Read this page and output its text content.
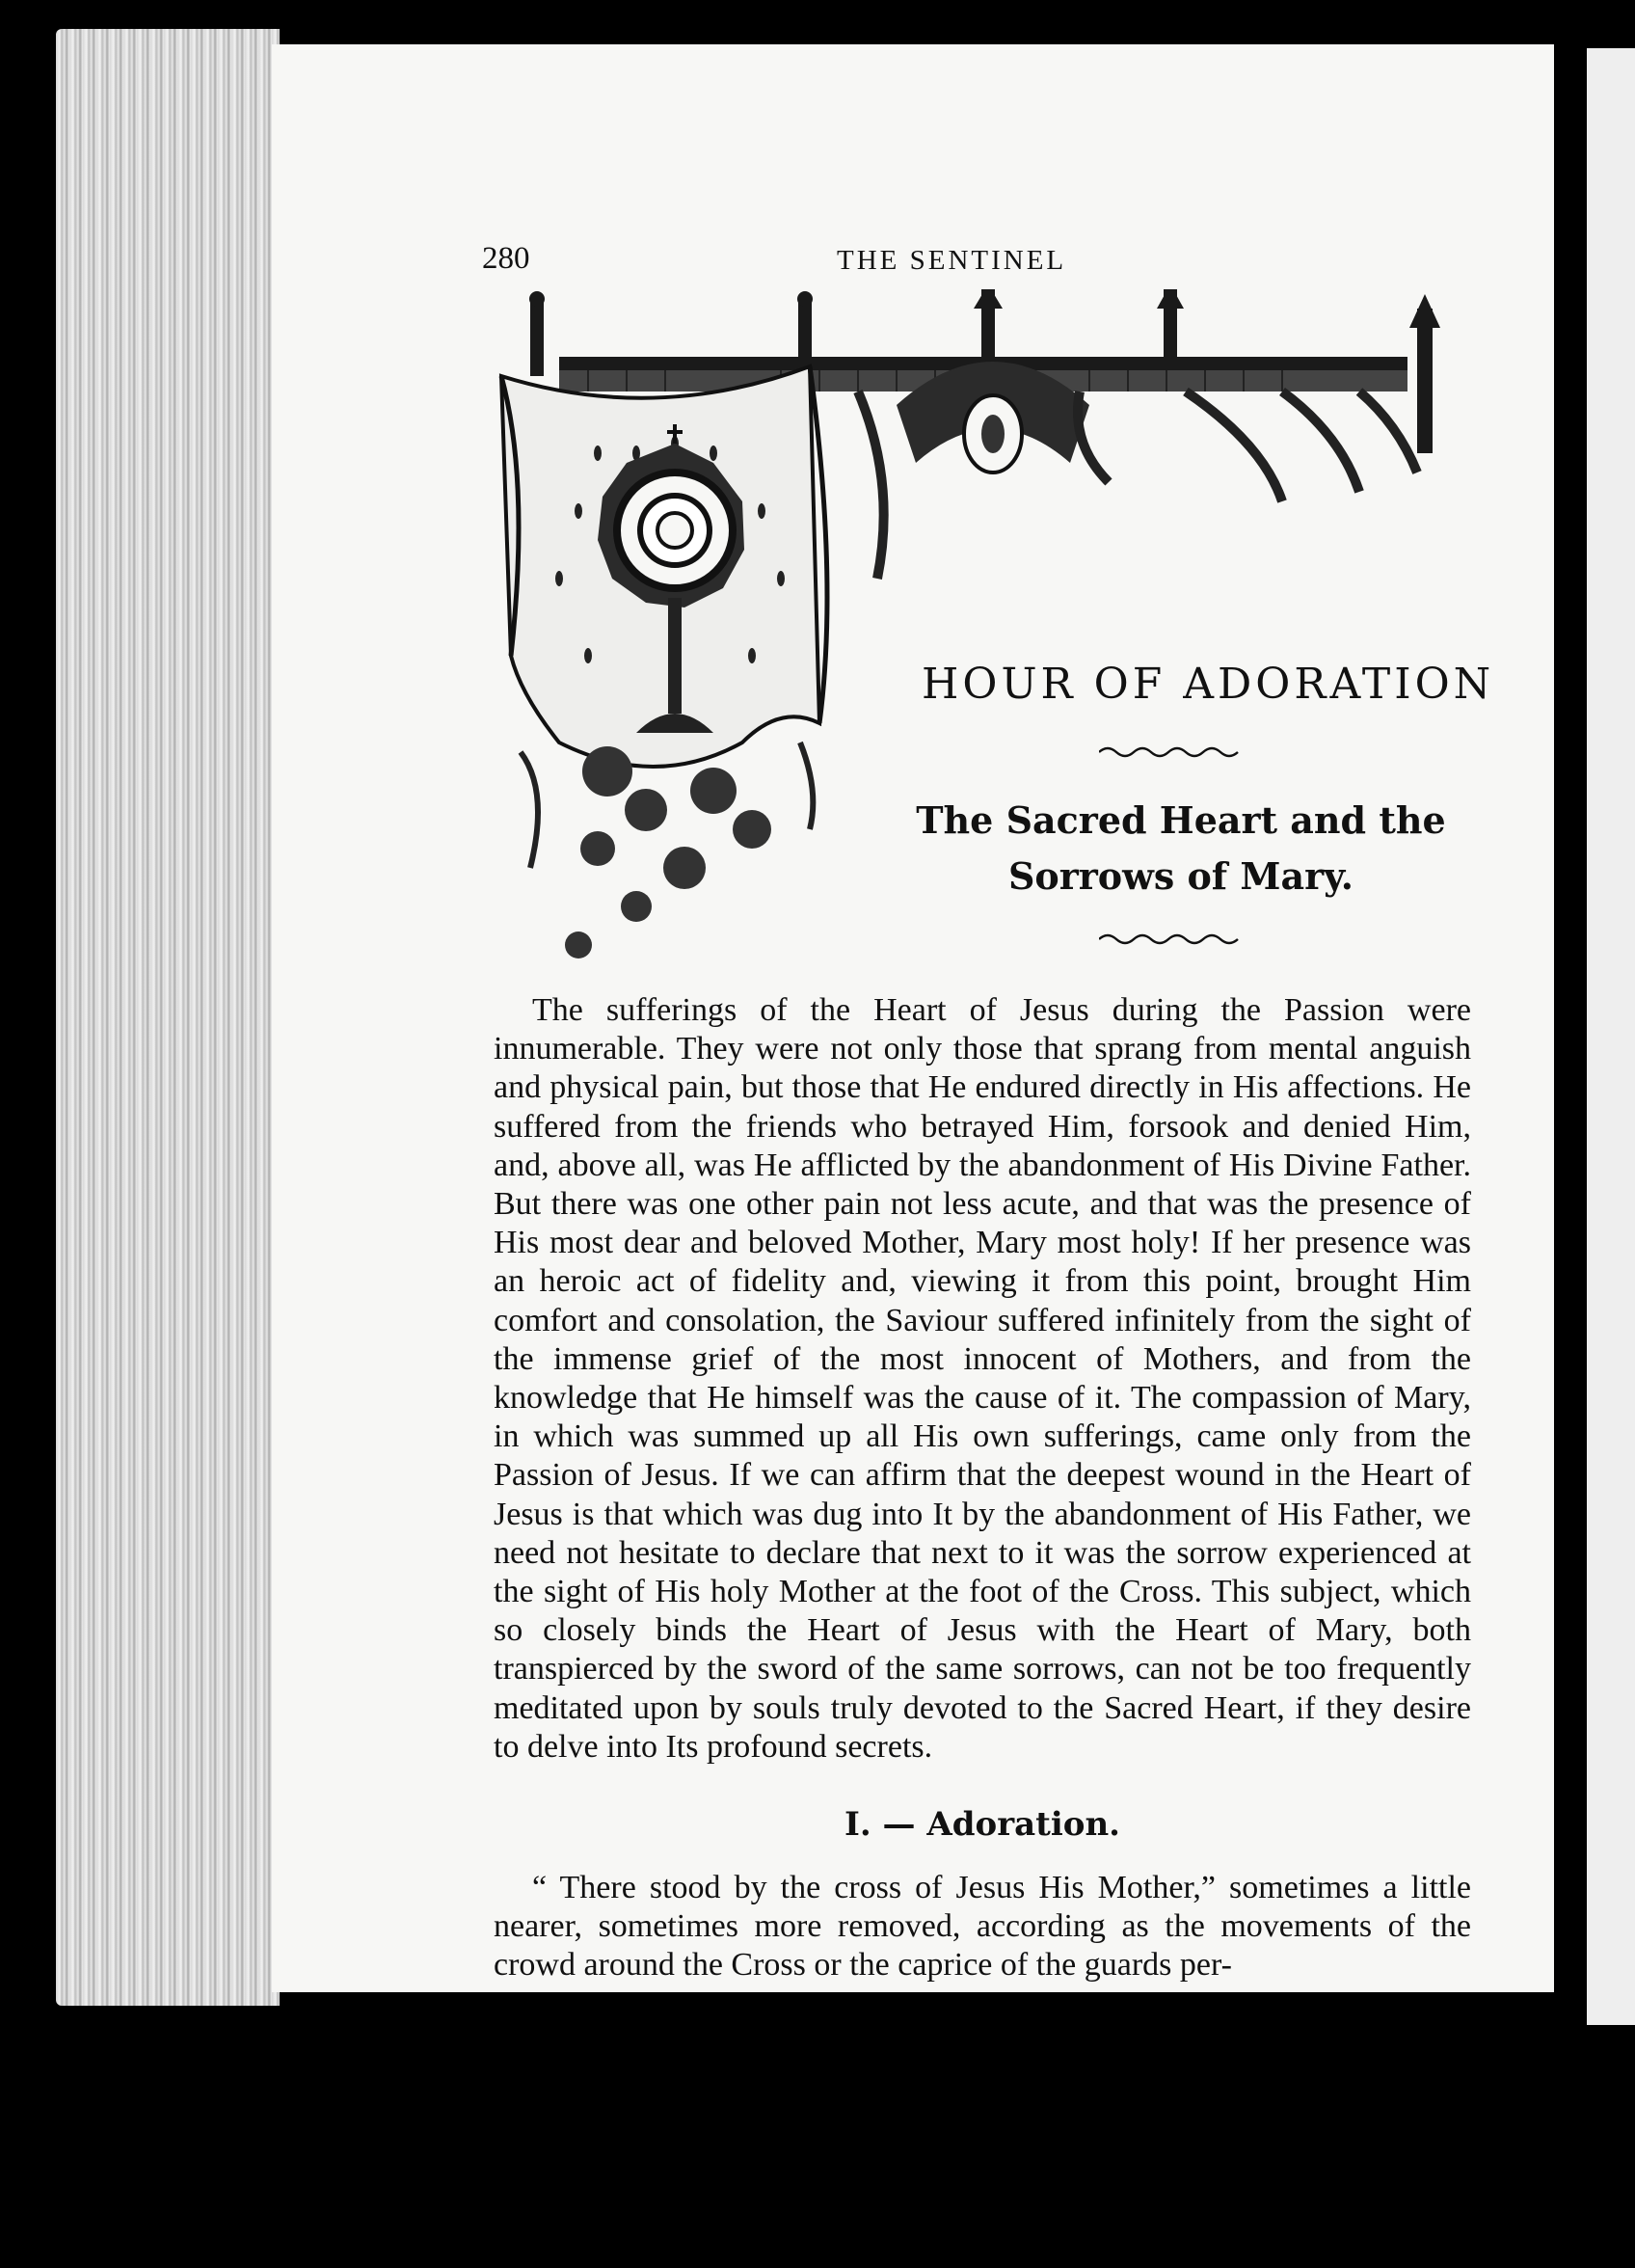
280	THE SENTINEL
HOUR OF ADORATION
The Sacred Heart and the Sorrows of Mary.

The sufferings of the Heart of Jesus during the Passion were innumerable. They were not only those that sprang from mental anguish and physical pain, but those that He endured directly in His affections. He suffered from the friends who betrayed Him, forsook and denied Him, and, above all, was He afflicted by the abandonment of His Divine Father. But there was one other pain not less acute, and that was the presence of His most dear and beloved Mother, Mary most holy! If her presence was an heroic act of fidelity and, viewing it from this point, brought Him comfort and consolation, the Saviour suffered infinitely from the sight of the immense grief of the most innocent of Mothers, and from the knowledge that He himself was the cause of it. The compassion of Mary, in which was summed up all His own sufferings, came only from the Passion of Jesus. If we can affirm that the deepest wound in the Heart of Jesus is that which was dug into It by the abandonment of His Father, we need not hesitate to declare that next to it was the sorrow experienced at the sight of His holy Mother at the foot of the Cross. This subject, which so closely binds the Heart of Jesus with the Heart of Mary, both transpierced by the sword of the same sorrows, can not be too frequently meditated upon by souls truly devoted to the Sacred Heart, if they desire to delve into Its profound secrets.

I. — Adoration.

“ There stood by the cross of Jesus His Mother,” sometimes a little nearer, sometimes more removed, according as the movements of the crowd around the Cross or the caprice of the guards per-
